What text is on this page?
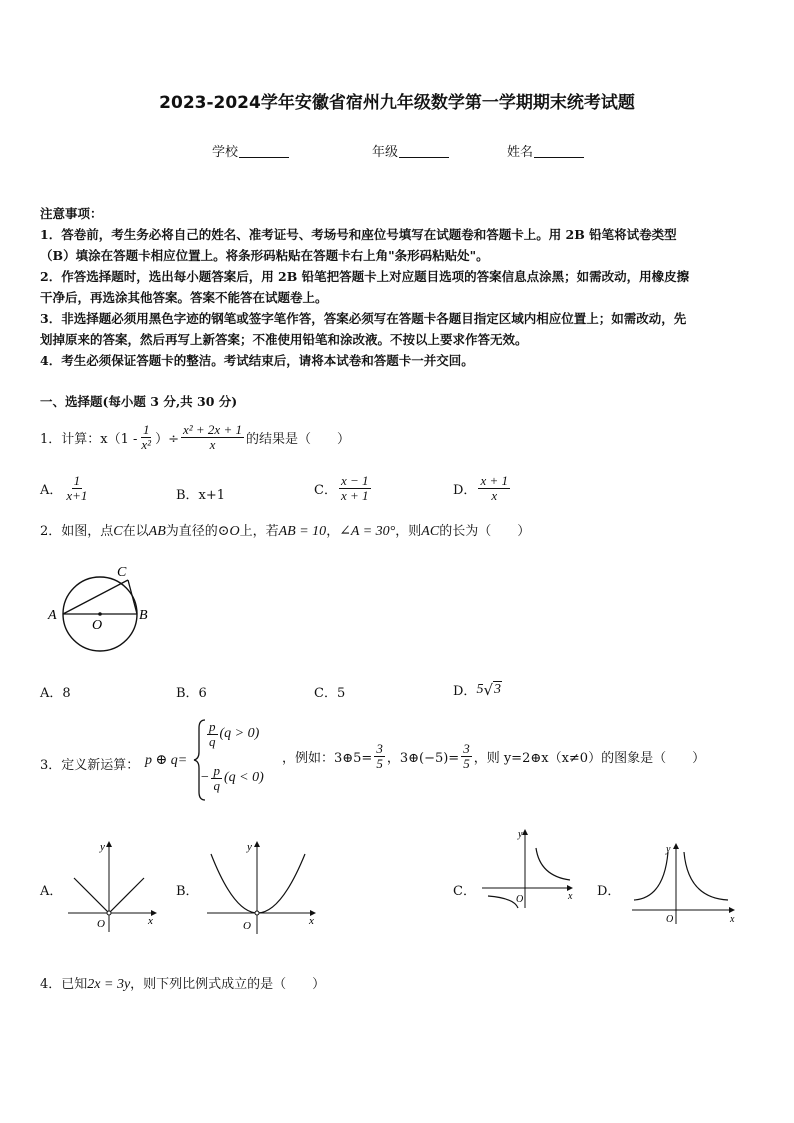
2023-2024学年安徽省宿州九年级数学第一学期期末统考试题
学校	年级	姓名
注意事项：
1．答卷前，考生务必将自己的姓名、准考证号、考场号和座位号填写在试题卷和答题卡上。用 2B 铅笔将试卷类型
（B）填涂在答题卡相应位置上。将条形码粘贴在答题卡右上角"条形码粘贴处"。
2．作答选择题时，选出每小题答案后，用 2B 铅笔把答题卡上对应题目选项的答案信息点涂黑；如需改动，用橡皮擦
干净后，再选涂其他答案。答案不能答在试题卷上。
3．非选择题必须用黑色字迹的钢笔或签字笔作答，答案必须写在答题卡各题目指定区域内相应位置上；如需改动，先
划掉原来的答案，然后再写上新答案；不准使用铅笔和涂改液。不按以上要求作答无效。
4．考生必须保证答题卡的整洁。考试结束后，请将本试卷和答题卡一并交回。
一、选择题(每小题 3 分,共 30 分)
1．计算：$x(1 - \frac{1}{\text{x²}}$ ）÷ $\frac{\text{x² + 2x + 1}}{x}$ 的结果是（　　）
A． $\frac{1}{x+1}$	B．x+1	C． $\frac{x - 1}{x + 1}$	D． $\frac{x + 1}{x}$
2．如图，点C在以AB为直径的⊙O上，若AB = 10，∠A = 30°，则AC的长为（　　）
A	B
C
O
A．8	B．6	C．5	D． 5 √ 3
3．定义新运算： p ⊕ q=
$\frac{p}{q} (q > 0)$
− $\frac{p}{q} (q < 0)$
，例如：3⊕5= $\frac{3}{5}$ ，3⊕(−5)= $\frac{3}{5}$ ，则 y=2⊕x（x≠0）的图象是（　　）
A．	B．	C．	D．
x
y
O	x
y
O
x
y
O
x
y
O
4．已知2x = 3y，则下列比例式成立的是（　　）
